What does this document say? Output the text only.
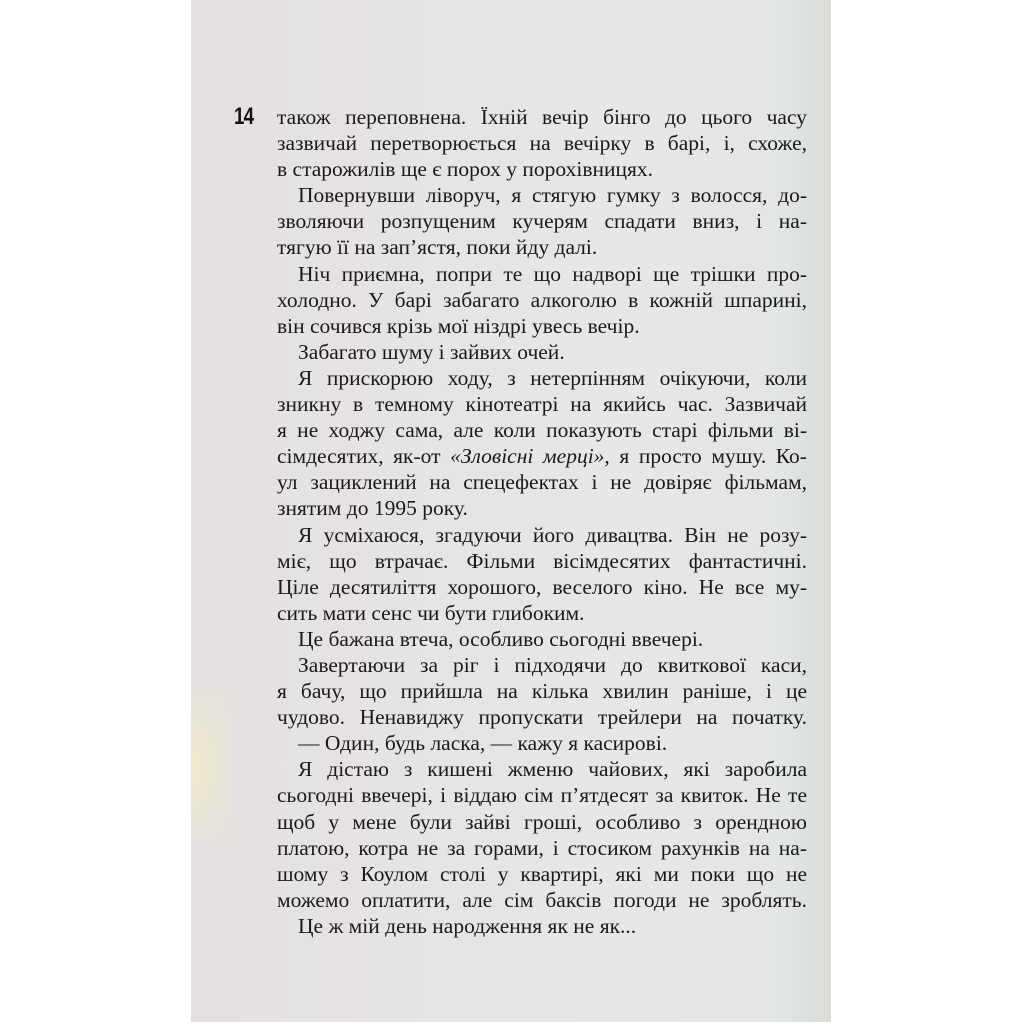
14 також переповнена. Їхній вечір бінго до цього часу
зазвичай перетворюється на вечірку в барі, і, схоже,
в старожилів ще є порох у порохівницях.
Повернувши ліворуч, я стягую гумку з волосся, до-
зволяючи розпущеним кучерям спадати вниз, і на-
тягую її на зап’ястя, поки йду далі.
Ніч приємна, попри те що надворі ще трішки про-
холодно. У барі забагато алкоголю в кожній шпарині,
він сочився крізь мої ніздрі увесь вечір.
Забагато шуму і зайвих очей.
Я прискорюю ходу, з нетерпінням очікуючи, коли
зникну в темному кінотеатрі на якийсь час. Зазвичай
я не ходжу сама, але коли показують старі фільми ві-
сімдесятих, як-от «Зловісні мерці», я просто мушу. Ко-
ул зациклений на спецефектах і не довіряє фільмам,
знятим до 1995 року.
Я усміхаюся, згадуючи його дивацтва. Він не розу-
міє, що втрачає. Фільми вісімдесятих фантастичні.
Ціле десятиліття хорошого, веселого кіно. Не все му-
сить мати сенс чи бути глибоким.
Це бажана втеча, особливо сьогодні ввечері.
Завертаючи за ріг і підходячи до квиткової каси,
я бачу, що прийшла на кілька хвилин раніше, і це
чудово. Ненавиджу пропускати трейлери на початку.
— Один, будь ласка, — кажу я касирові.
Я дістаю з кишені жменю чайових, які заробила
сьогодні ввечері, і віддаю сім п’ятдесят за квиток. Не те
щоб у мене були зайві гроші, особливо з орендною
платою, котра не за горами, і стосиком рахунків на на-
шому з Коулом столі у квартирі, які ми поки що не
можемо оплатити, але сім баксів погоди не зроблять.
Це ж мій день народження як не як...
